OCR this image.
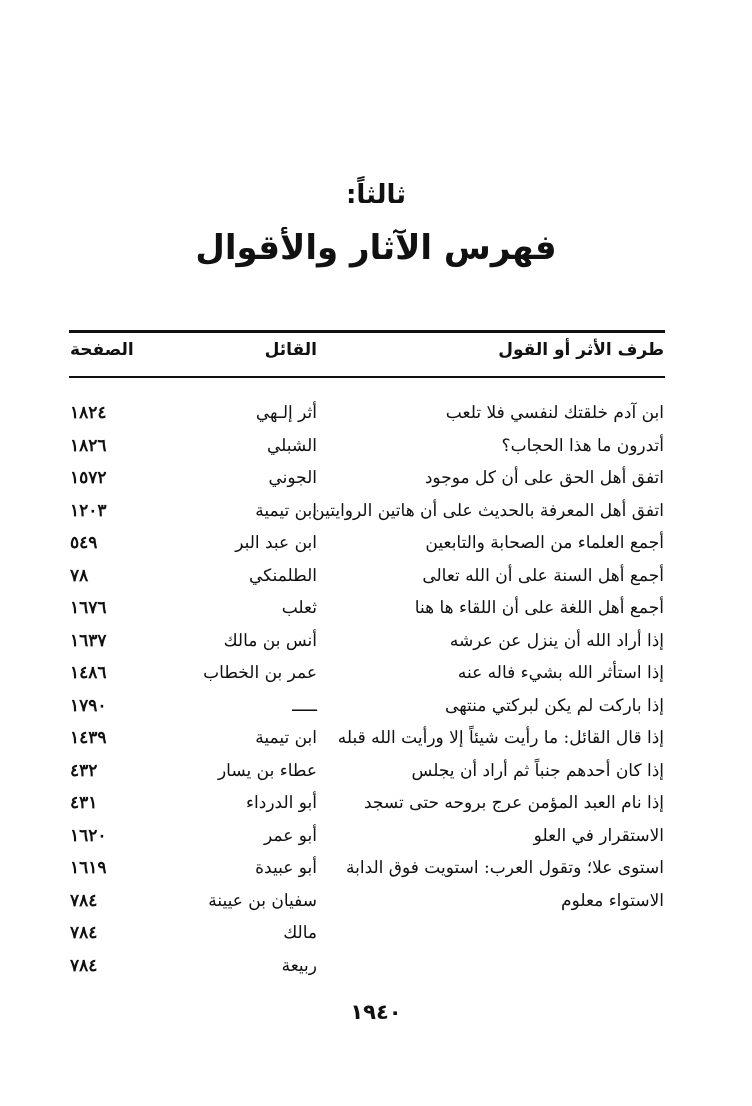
ثالثاً:
فهرس الآثار والأقوال
طرف الأثر أو القول
القائل
الصفحة
ابن آدم خلقتك لنفسي فلا تلعب
أثر إلـهي
١٨٢٤
أتدرون ما هذا الحجاب؟
الشبلي
١٨٢٦
اتفق أهل الحق على أن كل موجود
الجوني
١٥٧٢
اتفق أهل المعرفة بالحديث على أن هاتين الروايتين
ابن تيمية
١٢٠٣
أجمع العلماء من الصحابة والتابعين
ابن عبد البر
٥٤٩
أجمع أهل السنة على أن الله تعالى
الطلمنكي
٧٨
أجمع أهل اللغة على أن اللقاء ها هنا
ثعلب
١٦٧٦
إذا أراد الله أن ينزل عن عرشه
أنس بن مالك
١٦٣٧
إذا استأثر الله بشيء فاله عنه
عمر بن الخطاب
١٤٨٦
إذا باركت لم يكن لبركتي منتهى
ـــــ
١٧٩٠
إذا قال القائل: ما رأيت شيئاً إلا ورأيت الله قبله
ابن تيمية
١٤٣٩
إذا كان أحدهم جنباً ثم أراد أن يجلس
عطاء بن يسار
٤٣٢
إذا نام العبد المؤمن عرج بروحه حتى تسجد
أبو الدرداء
٤٣١
الاستقرار في العلو
أبو عمر
١٦٢٠
استوى علا؛ وتقول العرب: استويت فوق الدابة
أبو عبيدة
١٦١٩
الاستواء معلوم
سفيان بن عيينة
٧٨٤
مالك
٧٨٤
ربيعة
٧٨٤
١٩٤٠
